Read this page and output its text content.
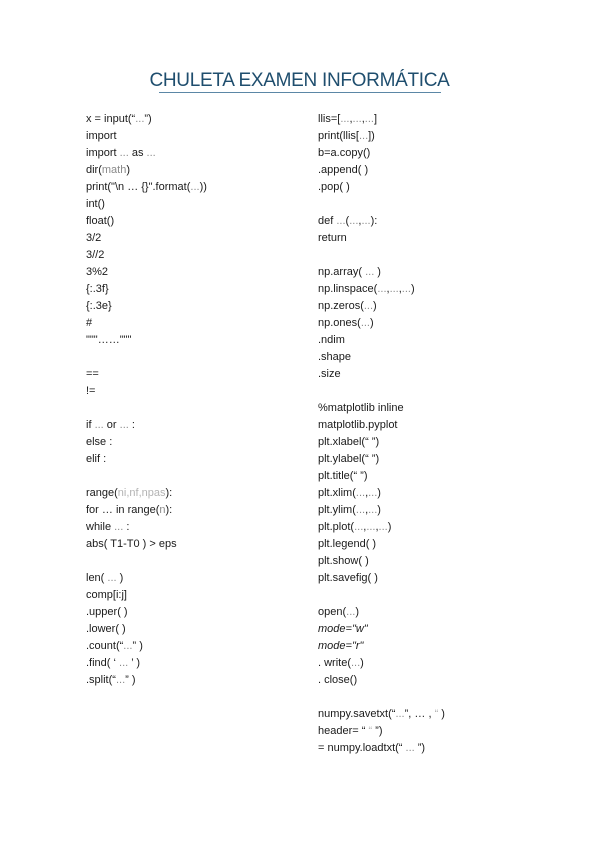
CHULETA EXAMEN INFORMÁTICA
x = input(“...”)
import
import ... as ...
dir(math)
print("\n … {}".format(...))
int()
float()
3/2
3//2
3%2
{:.3f}
{:.3e}
#
"""……"""
==
!=
if ... or ... :
else :
elif :
range(ni,nf,npas):
for … in range(n):
while ... :
abs( T1-T0 ) > eps
len( ... )
comp[i:j]
.upper( )
.lower( )
.count(“...” )
.find( ‘ ... ’ )
.split(“...” )
llis=[...,...,...]
print(llis[...])
b=a.copy()
.append( )
.pop( )
def ...(...,...):
return
np.array( ... )
np.linspace(...,...,...)
np.zeros(...)
np.ones(...)
.ndim
.shape
.size
%matplotlib inline
matplotlib.pyplot
plt.xlabel(“ ”)
plt.ylabel(“ ”)
plt.title(“ ”)
plt.xlim(...,...)
plt.ylim(...,...)
plt.plot(...,...,...)
plt.legend( )
plt.show( )
plt.savefig( )
open(...)
mode="w"
mode="r"
. write(...)
. close()
numpy.savetxt(“...”, … , “ )
header= “ “ ”)
= numpy.loadtxt(“ ... ”)
